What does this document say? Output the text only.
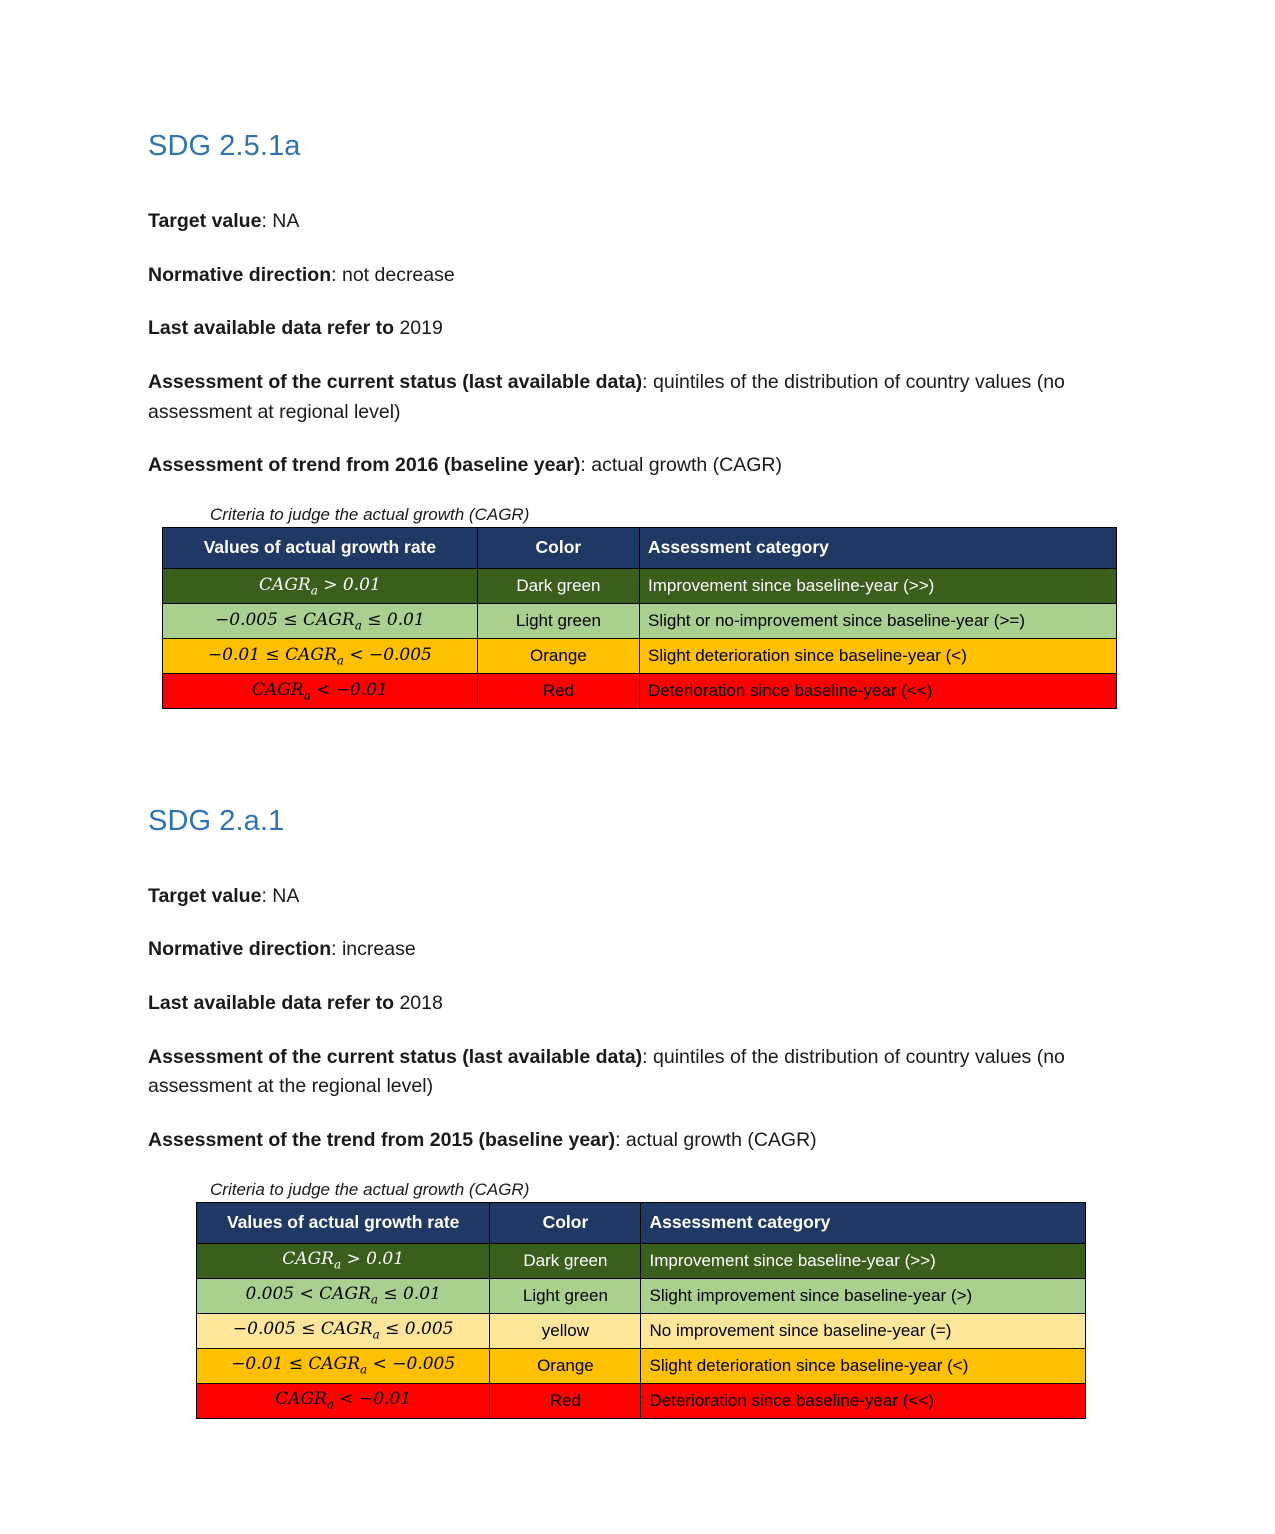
SDG 2.5.1a

Target value: NA

Normative direction: not decrease

Last available data refer to 2019

Assessment of the current status (last available data): quintiles of the distribution of country values (no assessment at regional level)

Assessment of trend from 2016 (baseline year): actual growth (CAGR)

Criteria to judge the actual growth (CAGR)
Values of actual growth rate	Color	Assessment category
$CAGR_a > 0.01$	Dark green	Improvement since baseline-year (>>)
$-0.005 \le CAGR_a \le 0.01$	Light green	Slight or no-improvement since baseline-year (>=)
$-0.01 \le CAGR_a < -0.005$	Orange	Slight deterioration since baseline-year (<)
$CAGR_a < -0.01$	Red	Deterioration since baseline-year (<<)
SDG 2.a.1

Target value: NA

Normative direction: increase

Last available data refer to 2018

Assessment of the current status (last available data): quintiles of the distribution of country values (no assessment at the regional level)

Assessment of the trend from 2015 (baseline year): actual growth (CAGR)

Criteria to judge the actual growth (CAGR)
Values of actual growth rate	Color	Assessment category
$CAGR_a > 0.01$	Dark green	Improvement since baseline-year (>>)
$0.005 < CAGR_a \le 0.01$	Light green	Slight improvement since baseline-year (>)
$-0.005 \le CAGR_a \le 0.005$	yellow	No improvement since baseline-year (=)
$-0.01 \le CAGR_a < -0.005$	Orange	Slight deterioration since baseline-year (<)
$CAGR_a < -0.01$	Red	Deterioration since baseline-year (<<)
